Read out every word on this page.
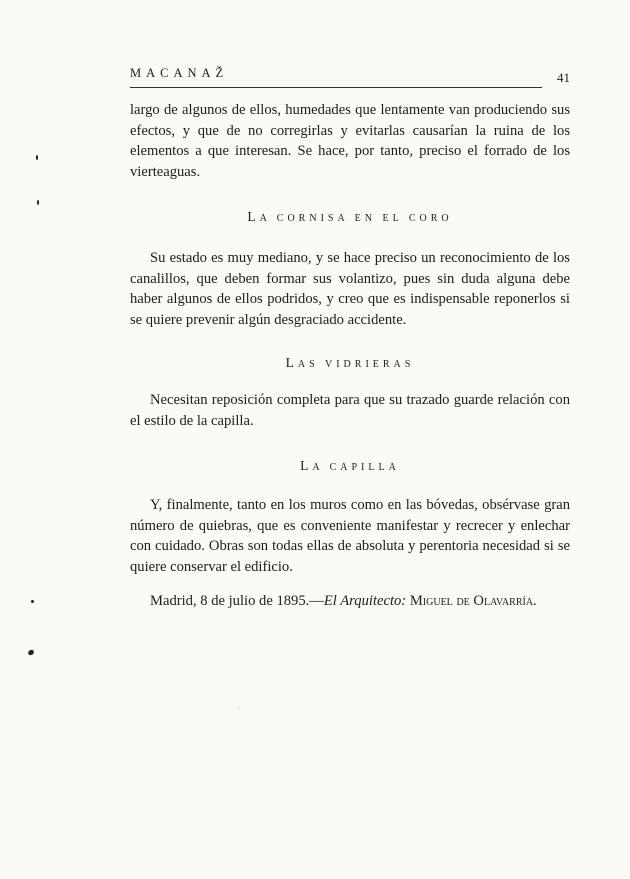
MACANAŽ	41

largo de algunos de ellos, humedades que lentamente van produciendo sus efectos, y que de no corregirlas y evitarlas causarían la ruina de los elementos a que interesan. Se hace, por tanto, preciso el forrado de los vierteaguas.

LA CORNISA EN EL CORO

Su estado es muy mediano, y se hace preciso un reconocimiento de los canalillos, que deben formar sus volantizo, pues sin duda alguna debe haber algunos de ellos podridos, y creo que es indispensable reponerlos si se quiere prevenir algún desgraciado accidente.

LAS VIDRIERAS

Necesitan reposición completa para que su trazado guarde relación con el estilo de la capilla.

LA CAPILLA

Y, finalmente, tanto en los muros como en las bóvedas, obsérvase gran número de quiebras, que es conveniente manifestar y recrecer y enlechar con cuidado. Obras son todas ellas de absoluta y perentoria necesidad si se quiere conservar el edificio.

Madrid, 8 de julio de 1895.—El Arquitecto: Miguel de Olavarría.
